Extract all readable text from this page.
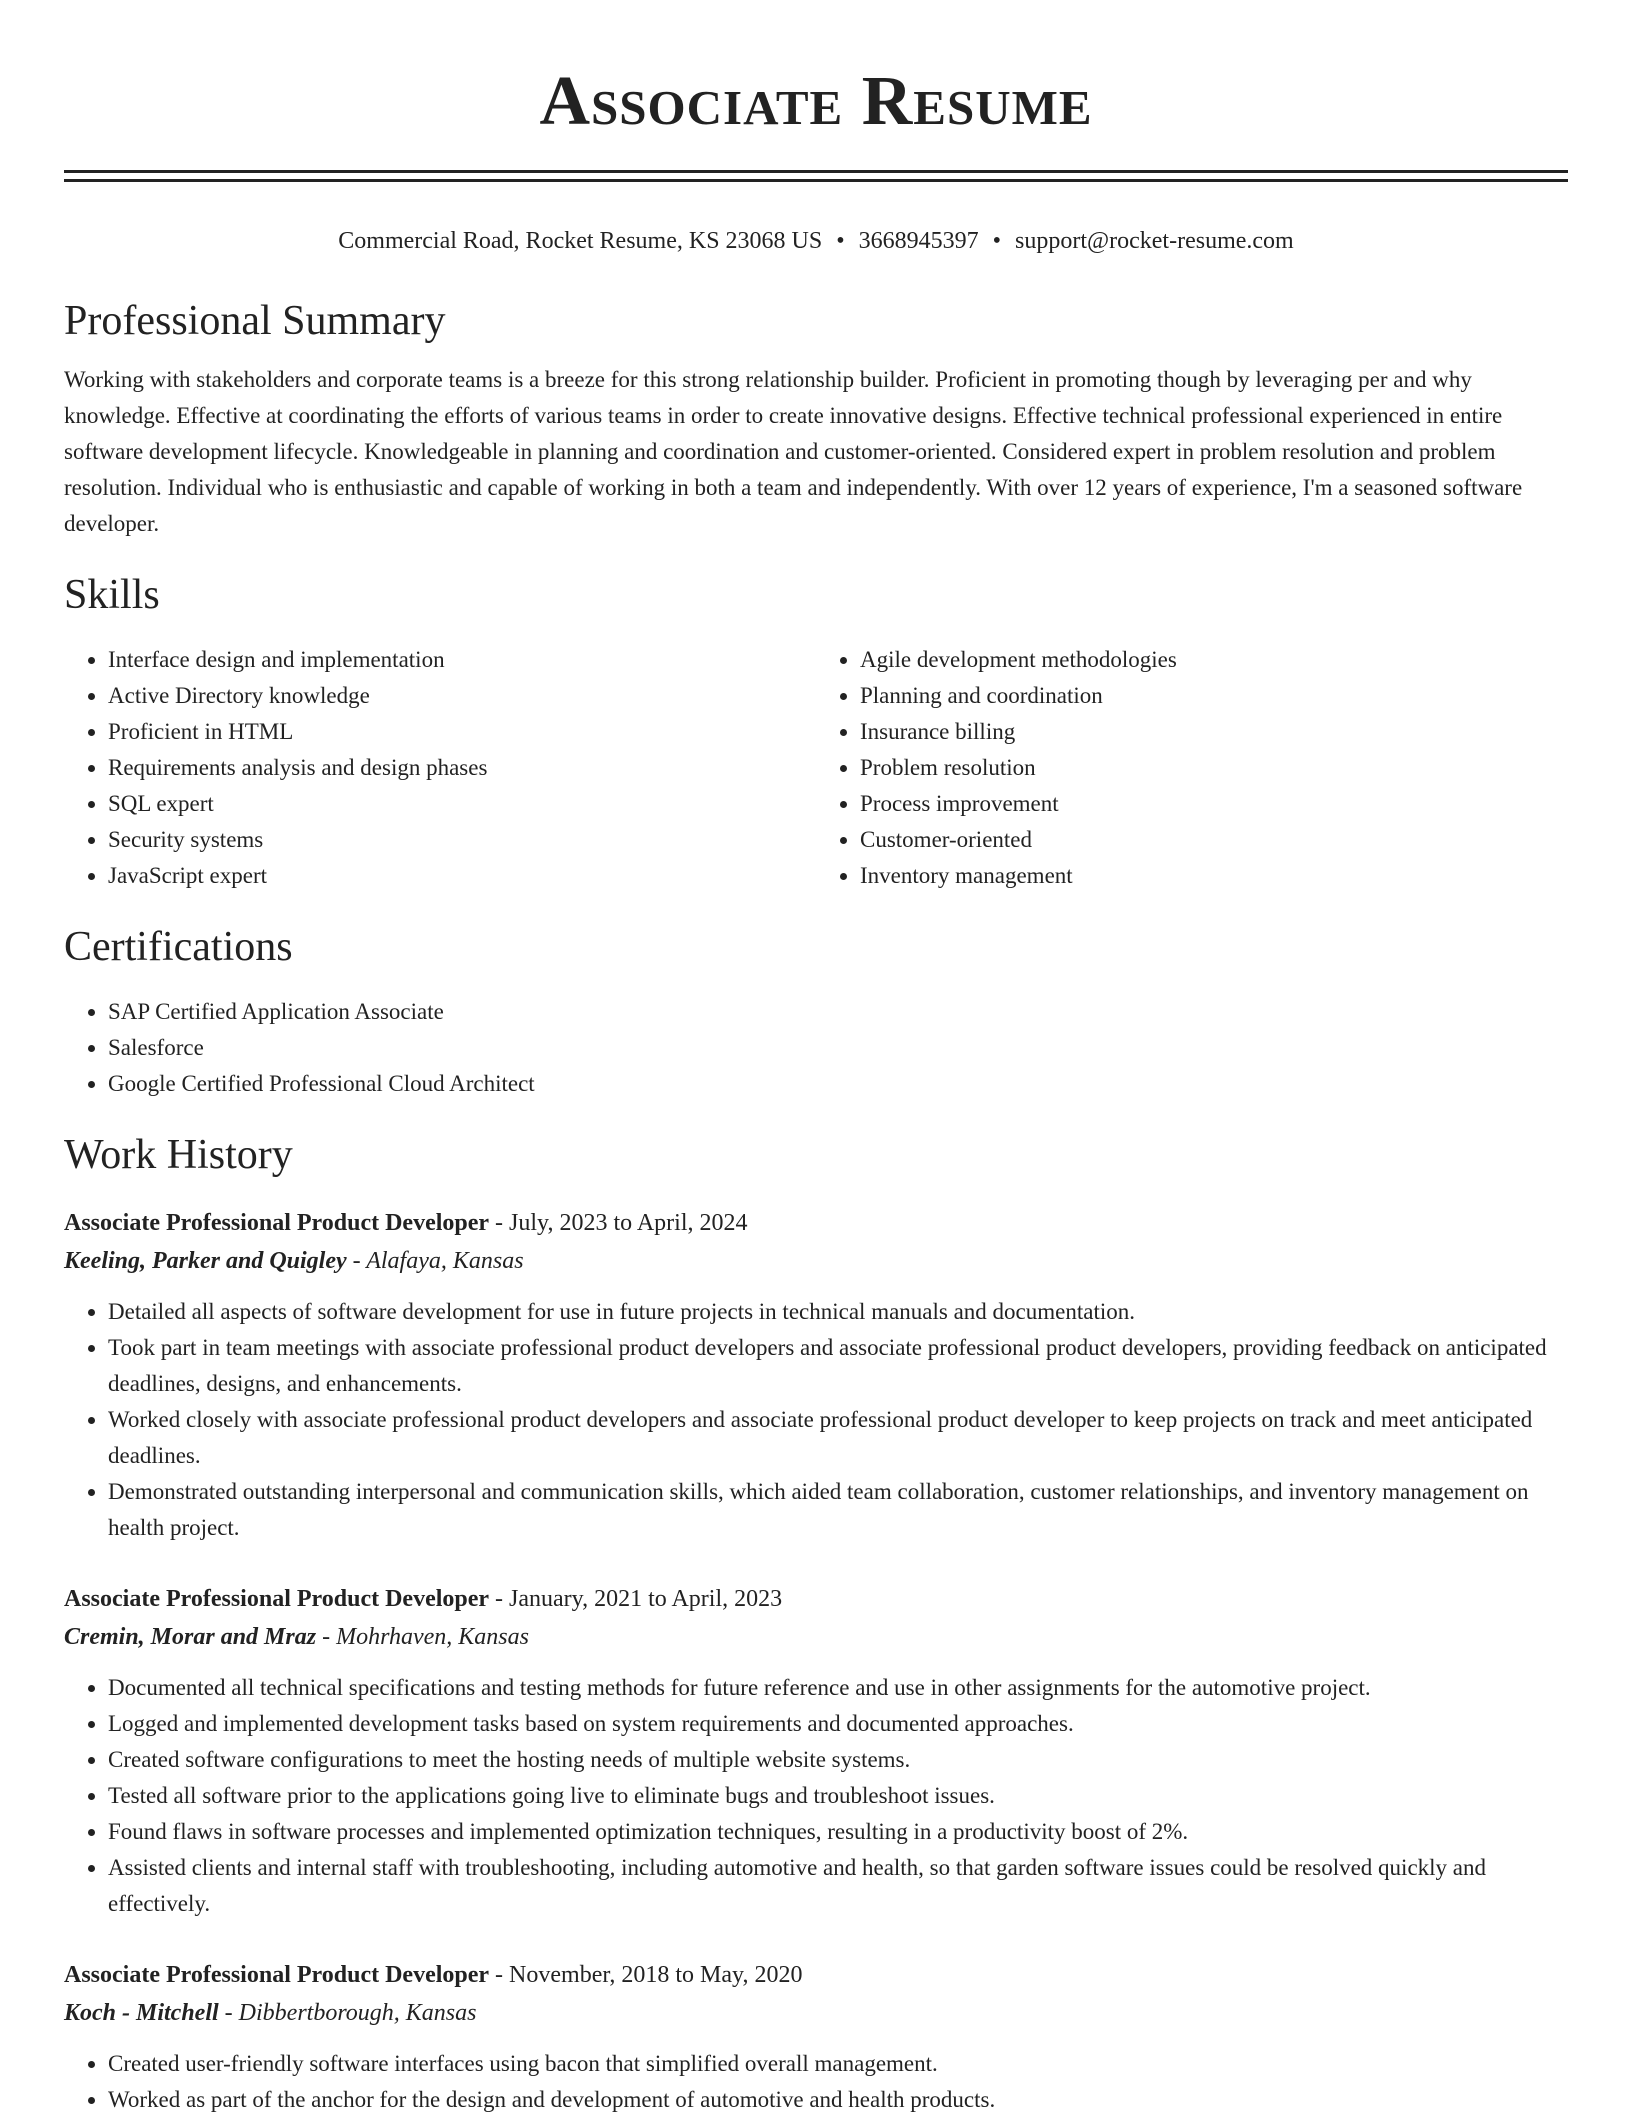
Associate Resume
Commercial Road, Rocket Resume, KS 23068 US • 3668945397 • support@rocket-resume.com
Professional Summary
Working with stakeholders and corporate teams is a breeze for this strong relationship builder. Proficient in promoting though by leveraging per and why knowledge. Effective at coordinating the efforts of various teams in order to create innovative designs. Effective technical professional experienced in entire software development lifecycle. Knowledgeable in planning and coordination and customer-oriented. Considered expert in problem resolution and problem resolution. Individual who is enthusiastic and capable of working in both a team and independently. With over 12 years of experience, I'm a seasoned software developer.
Skills
• Interface design and implementation
• Active Directory knowledge
• Proficient in HTML
• Requirements analysis and design phases
• SQL expert
• Security systems
• JavaScript expert
• Agile development methodologies
• Planning and coordination
• Insurance billing
• Problem resolution
• Process improvement
• Customer-oriented
• Inventory management
Certifications
• SAP Certified Application Associate
• Salesforce
• Google Certified Professional Cloud Architect
Work History
Associate Professional Product Developer - July, 2023 to April, 2024
Keeling, Parker and Quigley - Alafaya, Kansas
• Detailed all aspects of software development for use in future projects in technical manuals and documentation.
• Took part in team meetings with associate professional product developers and associate professional product developers, providing feedback on anticipated deadlines, designs, and enhancements.
• Worked closely with associate professional product developers and associate professional product developer to keep projects on track and meet anticipated deadlines.
• Demonstrated outstanding interpersonal and communication skills, which aided team collaboration, customer relationships, and inventory management on health project.
Associate Professional Product Developer - January, 2021 to April, 2023
Cremin, Morar and Mraz - Mohrhaven, Kansas
• Documented all technical specifications and testing methods for future reference and use in other assignments for the automotive project.
• Logged and implemented development tasks based on system requirements and documented approaches.
• Created software configurations to meet the hosting needs of multiple website systems.
• Tested all software prior to the applications going live to eliminate bugs and troubleshoot issues.
• Found flaws in software processes and implemented optimization techniques, resulting in a productivity boost of 2%.
• Assisted clients and internal staff with troubleshooting, including automotive and health, so that garden software issues could be resolved quickly and effectively.
Associate Professional Product Developer - November, 2018 to May, 2020
Koch - Mitchell - Dibbertborough, Kansas
• Created user-friendly software interfaces using bacon that simplified overall management.
• Worked as part of the anchor for the design and development of automotive and health products.
